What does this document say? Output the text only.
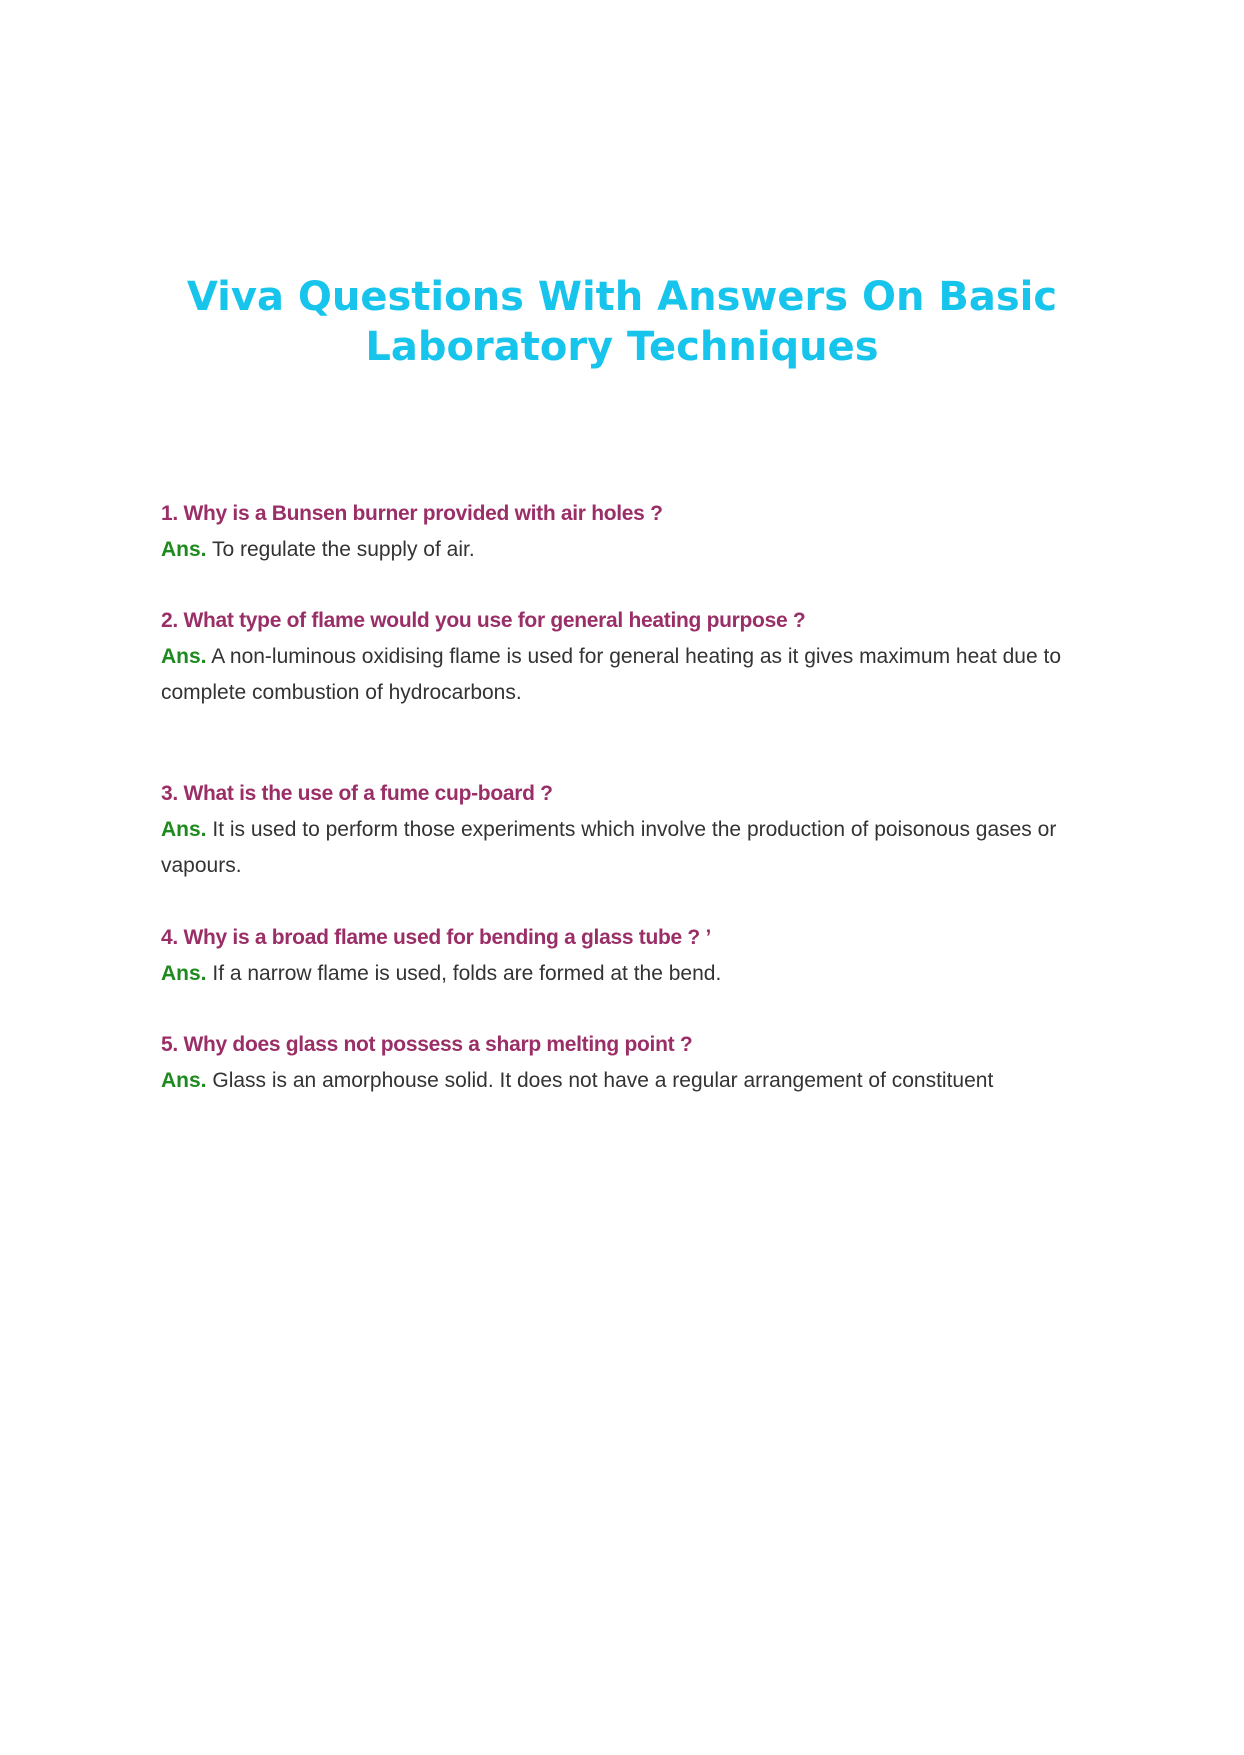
Viva Questions With Answers On Basic
Laboratory Techniques

1. Why is a Bunsen burner provided with air holes ?

Ans. To regulate the supply of air.

2. What type of flame would you use for general heating purpose ?

Ans. A non-luminous oxidising flame is used for general heating as it gives maximum heat due to complete combustion of hydrocarbons.

3. What is the use of a fume cup-board ?

Ans. It is used to perform those experiments which involve the production of poisonous gases or vapours.

4. Why is a broad flame used for bending a glass tube ? ’

Ans. If a narrow flame is used, folds are formed at the bend.

5. Why does glass not possess a sharp melting point ?

Ans. Glass is an amorphouse solid. It does not have a regular arrangement of constituent
